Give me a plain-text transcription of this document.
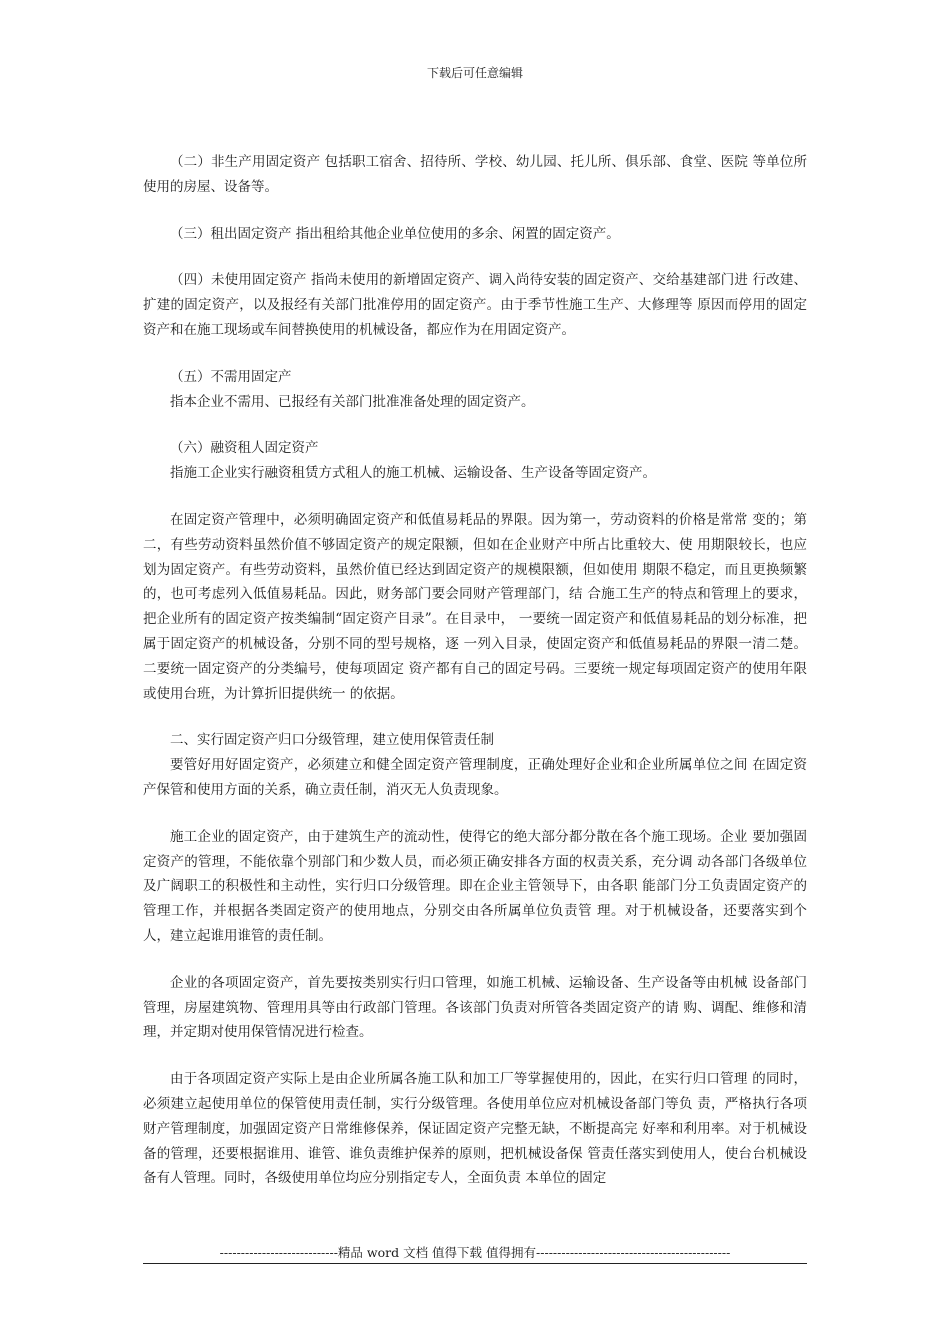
下载后可任意编辑

（二）非生产用固定资产 包括职工宿舍、招待所、学校、幼儿园、托儿所、俱乐部、食堂、医院 等单位所使用的房屋、设备等。

（三）租出固定资产 指出租给其他企业单位使用的多余、闲置的固定资产。

（四）未使用固定资产 指尚未使用的新增固定资产、调入尚待安装的固定资产、交给基建部门进 行改建、扩建的固定资产，以及报经有关部门批准停用的固定资产。由于季节性施工生产、大修理等 原因而停用的固定资产和在施工现场或车间替换使用的机械设备，都应作为在用固定资产。

（五）不需用固定产

指本企业不需用、已报经有关部门批准准备处理的固定资产。

（六）融资租人固定资产

指施工企业实行融资租赁方式租人的施工机械、运输设备、生产设备等固定资产。

在固定资产管理中，必须明确固定资产和低值易耗品的界限。因为第一，劳动资料的价格是常常 变的；第二，有些劳动资料虽然价值不够固定资产的规定限额，但如在企业财产中所占比重较大、使 用期限较长，也应划为固定资产。有些劳动资料，虽然价值已经达到固定资产的规模限额，但如使用 期限不稳定，而且更换频繁的，也可考虑列入低值易耗品。因此，财务部门要会同财产管理部门，结 合施工生产的特点和管理上的要求，把企业所有的固定资产按类编制“固定资产目录”。在目录中， 一要统一固定资产和低值易耗品的划分标准，把属于固定资产的机械设备，分别不同的型号规格，逐 一列入目录，使固定资产和低值易耗品的界限一清二楚。二要统一固定资产的分类编号，使每项固定 资产都有自己的固定号码。三要统一规定每项固定资产的使用年限或使用台班，为计算折旧提供统一 的依据。

二、实行固定资产归口分级管理，建立使用保管责任制

要管好用好固定资产，必须建立和健全固定资产管理制度，正确处理好企业和企业所属单位之间 在固定资产保管和使用方面的关系，确立责任制，消灭无人负责现象。

施工企业的固定资产，由于建筑生产的流动性，使得它的绝大部分都分散在各个施工现场。企业 要加强固定资产的管理，不能依靠个别部门和少数人员，而必须正确安排各方面的权责关系，充分调 动各部门各级单位及广阔职工的积极性和主动性，实行归口分级管理。即在企业主管领导下，由各职 能部门分工负责固定资产的管理工作，并根据各类固定资产的使用地点，分别交由各所属单位负责管 理。对于机械设备，还要落实到个人，建立起谁用谁管的责任制。

企业的各项固定资产，首先要按类别实行归口管理，如施工机械、运输设备、生产设备等由机械 设备部门管理，房屋建筑物、管理用具等由行政部门管理。各该部门负责对所管各类固定资产的请 购、调配、维修和清理，并定期对使用保管情况进行检查。

由于各项固定资产实际上是由企业所属各施工队和加工厂等掌握使用的，因此，在实行归口管理 的同时，必须建立起使用单位的保管使用责任制，实行分级管理。各使用单位应对机械设备部门等负 责，严格执行各项财产管理制度，加强固定资产日常维修保养，保证固定资产完整无缺，不断提高完 好率和利用率。对于机械设备的管理，还要根据谁用、谁管、谁负责维护保养的原则，把机械设备保 管责任落实到使用人，使台台机械设备有人管理。同时，各级使用单位均应分别指定专人，全面负责 本单位的固定

----------------------------精品 word 文档 值得下载 值得拥有----------------------------------------------
